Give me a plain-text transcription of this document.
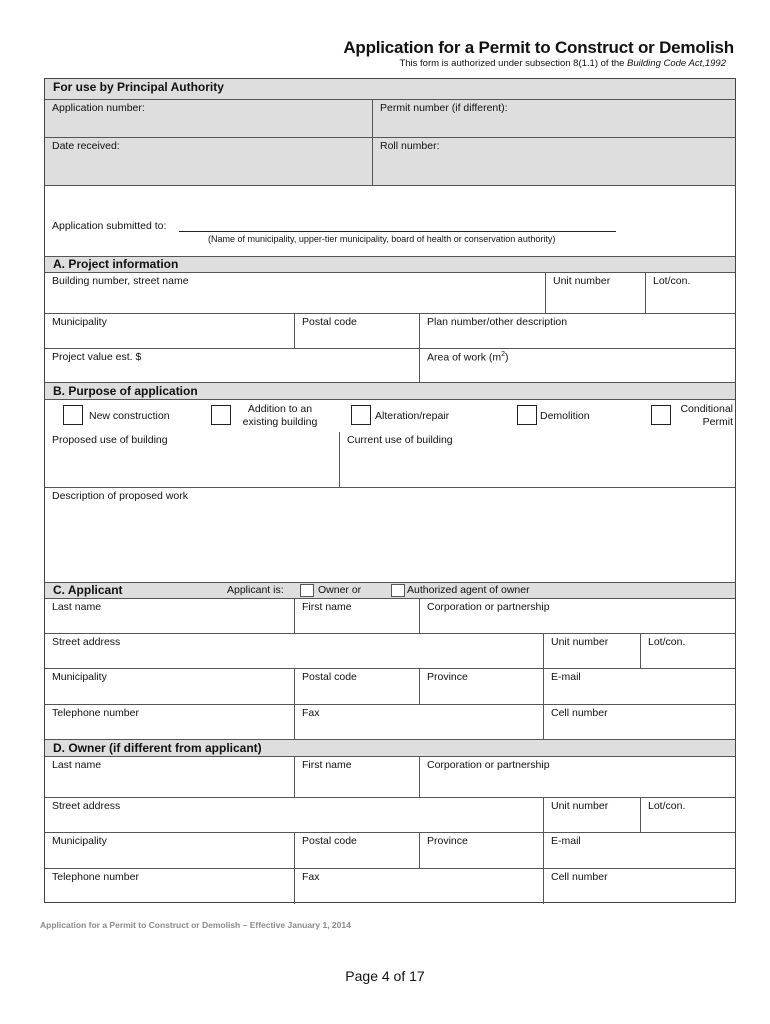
Application for a Permit to Construct or Demolish
This form is authorized under subsection 8(1.1) of the Building Code Act,1992
For use by Principal Authority
Application number:	Permit number (if different):
Date received:	Roll number:
Application submitted to:
(Name of municipality, upper-tier municipality, board of health or conservation authority)
A. Project information
Building number, street name	Unit number	Lot/con.
Municipality	Postal code	Plan number/other description
Project value est. $	Area of work $(m^2)$
B. Purpose of application
New construction
Addition to an
existing building	Alteration/repair	Demolition
Conditional
Permit
Proposed use of building	Current use of building
Description of proposed work
C. Applicant	Applicant is:	Owner or	Authorized agent of owner
Last name	First name	Corporation or partnership
Street address	Unit number	Lot/con.
Municipality	Postal code	Province	E-mail
Telephone number	Fax	Cell number
D. Owner (if different from applicant)
Last name	First name	Corporation or partnership
Street address	Unit number	Lot/con.
Municipality	Postal code	Province	E-mail
Telephone number	Fax	Cell number
Application for a Permit to Construct or Demolish – Effective January 1, 2014
Page 4 of 17
